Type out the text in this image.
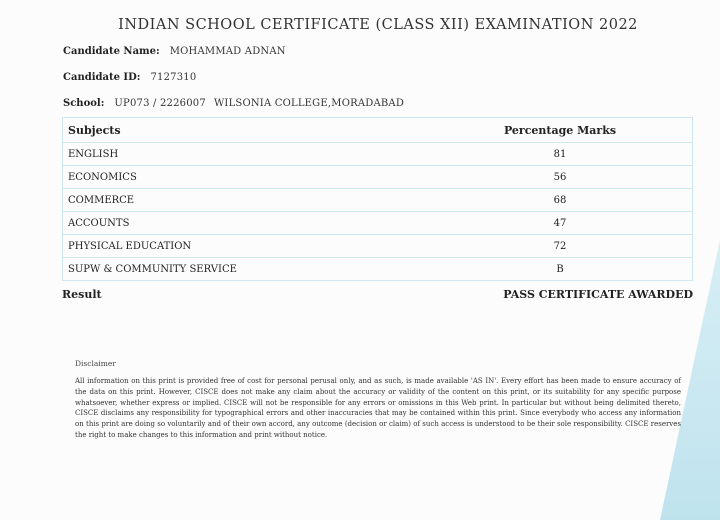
INDIAN SCHOOL CERTIFICATE (CLASS XII) EXAMINATION 2022
Candidate Name: MOHAMMAD ADNAN
Candidate ID: 7127310
School: UP073 / 2226007 WILSONIA COLLEGE,MORADABAD
Subjects	Percentage Marks
ENGLISH	81
ECONOMICS	56
COMMERCE	68
ACCOUNTS	47
PHYSICAL EDUCATION	72
SUPW & COMMUNITY SERVICE	B
Result	PASS CERTIFICATE AWARDED
Disclaimer
All information on this print is provided free of cost for personal perusal only, and as such, is made available 'AS IN'. Every effort has been made to ensure accuracy of the data on this print. However, CISCE does not make any claim about the accuracy or validity of the content on this print, or its suitability for any specific purpose whatsoever, whether express or implied. CISCE will not be responsible for any errors or omissions in this Web print. In particular but without being delimited thereto, CISCE disclaims any responsibility for typographical errors and other inaccuracies that may be contained within this print. Since everybody who access any information on this print are doing so voluntarily and of their own accord, any outcome (decision or claim) of such access is understood to be their sole responsibility. CISCE reserves the right to make changes to this information and print without notice.
